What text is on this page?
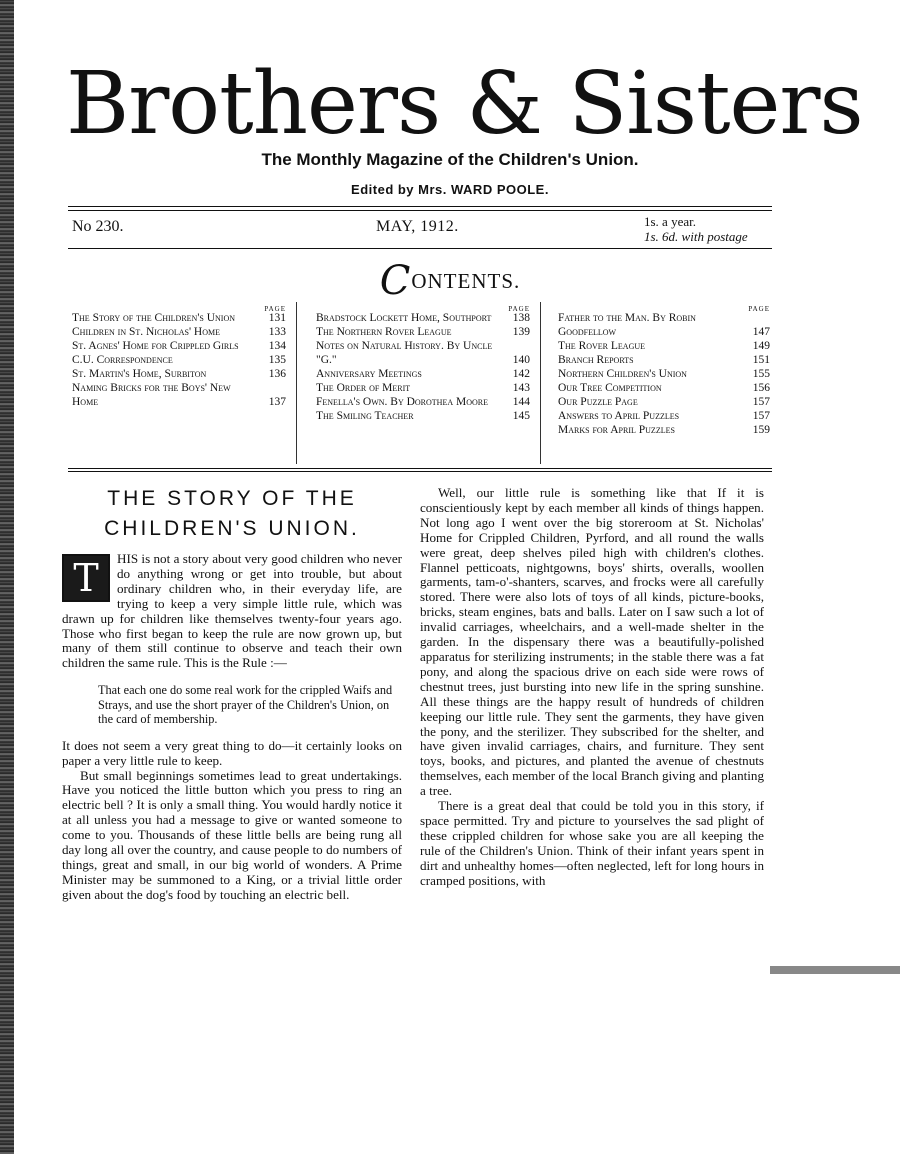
Brothers & Sisters
The Monthly Magazine of the Children's Union.
Edited by Mrs. WARD POOLE.
No 230.	MAY, 1912.	1s. a year.
1s. 6d. with postage
CONTENTS.
PAGE
The Story of the Children's Union	131
Children in St. Nicholas' Home	133
St. Agnes' Home for Crippled Girls	134
C.U. Correspondence	135
St. Martin's Home, Surbiton	136
Naming Bricks for the Boys' New Home	137
PAGE
Bradstock Lockett Home, Southport 138
The Northern Rover League	139
Notes on Natural History. By Uncle "G."	140
Anniversary Meetings	142
The Order of Merit	143
Fenella's Own. By Dorothea Moore 144
The Smiling Teacher	145
PAGE
Father to the Man. By Robin Goodfellow	147
The Rover League	149
Branch Reports	151
Northern Children's Union	155
Our Tree Competition	156
Our Puzzle Page	157
Answers to April Puzzles	157
Marks for April Puzzles	159
THE STORY OF THE
CHILDREN'S UNION.
T	HIS is not a story about very good children who never do anything wrong or get into trouble, but about ordinary children who, in their everyday life, are trying to keep a very simple little rule, which was drawn up for children like themselves twenty-four years ago. Those who first began to keep the rule are now grown up, but many of them still continue to observe and teach their own children the same rule. This is the Rule :—

That each one do some real work for the crippled Waifs and Strays, and use the short prayer of the Children's Union, on the card of membership.

It does not seem a very great thing to do—it certainly looks on paper a very little rule to keep.

But small beginnings sometimes lead to great undertakings. Have you noticed the little button which you press to ring an electric bell ? It is only a small thing. You would hardly notice it at all unless you had a message to give or wanted someone to come to you. Thousands of these little bells are being rung all day long all over the country, and cause people to do numbers of things, great and small, in our big world of wonders. A Prime Minister may be summoned to a King, or a trivial little order given about the dog's food by touching an electric bell.

Well, our little rule is something like that If it is conscientiously kept by each member all kinds of things happen. Not long ago I went over the big storeroom at St. Nicholas' Home for Crippled Children, Pyrford, and all round the walls were great, deep shelves piled high with children's clothes. Flannel petticoats, nightgowns, boys' shirts, overalls, woollen garments, tam-o'-shanters, scarves, and frocks were all carefully stored. There were also lots of toys of all kinds, picture-books, bricks, steam engines, bats and balls. Later on I saw such a lot of invalid carriages, wheelchairs, and a well-made shelter in the garden. In the dispensary there was a beautifully-polished apparatus for sterilizing instruments; in the stable there was a fat pony, and along the spacious drive on each side were rows of chestnut trees, just bursting into new life in the spring sunshine. All these things are the happy result of hundreds of children keeping our little rule. They sent the garments, they have given the pony, and the sterilizer. They subscribed for the shelter, and have given invalid carriages, chairs, and furniture. They sent toys, books, and pictures, and planted the avenue of chestnuts themselves, each member of the local Branch giving and planting a tree.

There is a great deal that could be told you in this story, if space permitted. Try and picture to yourselves the sad plight of these crippled children for whose sake you are all keeping the rule of the Children's Union. Think of their infant years spent in dirt and unhealthy homes—often neglected, left for long hours in cramped positions, with
